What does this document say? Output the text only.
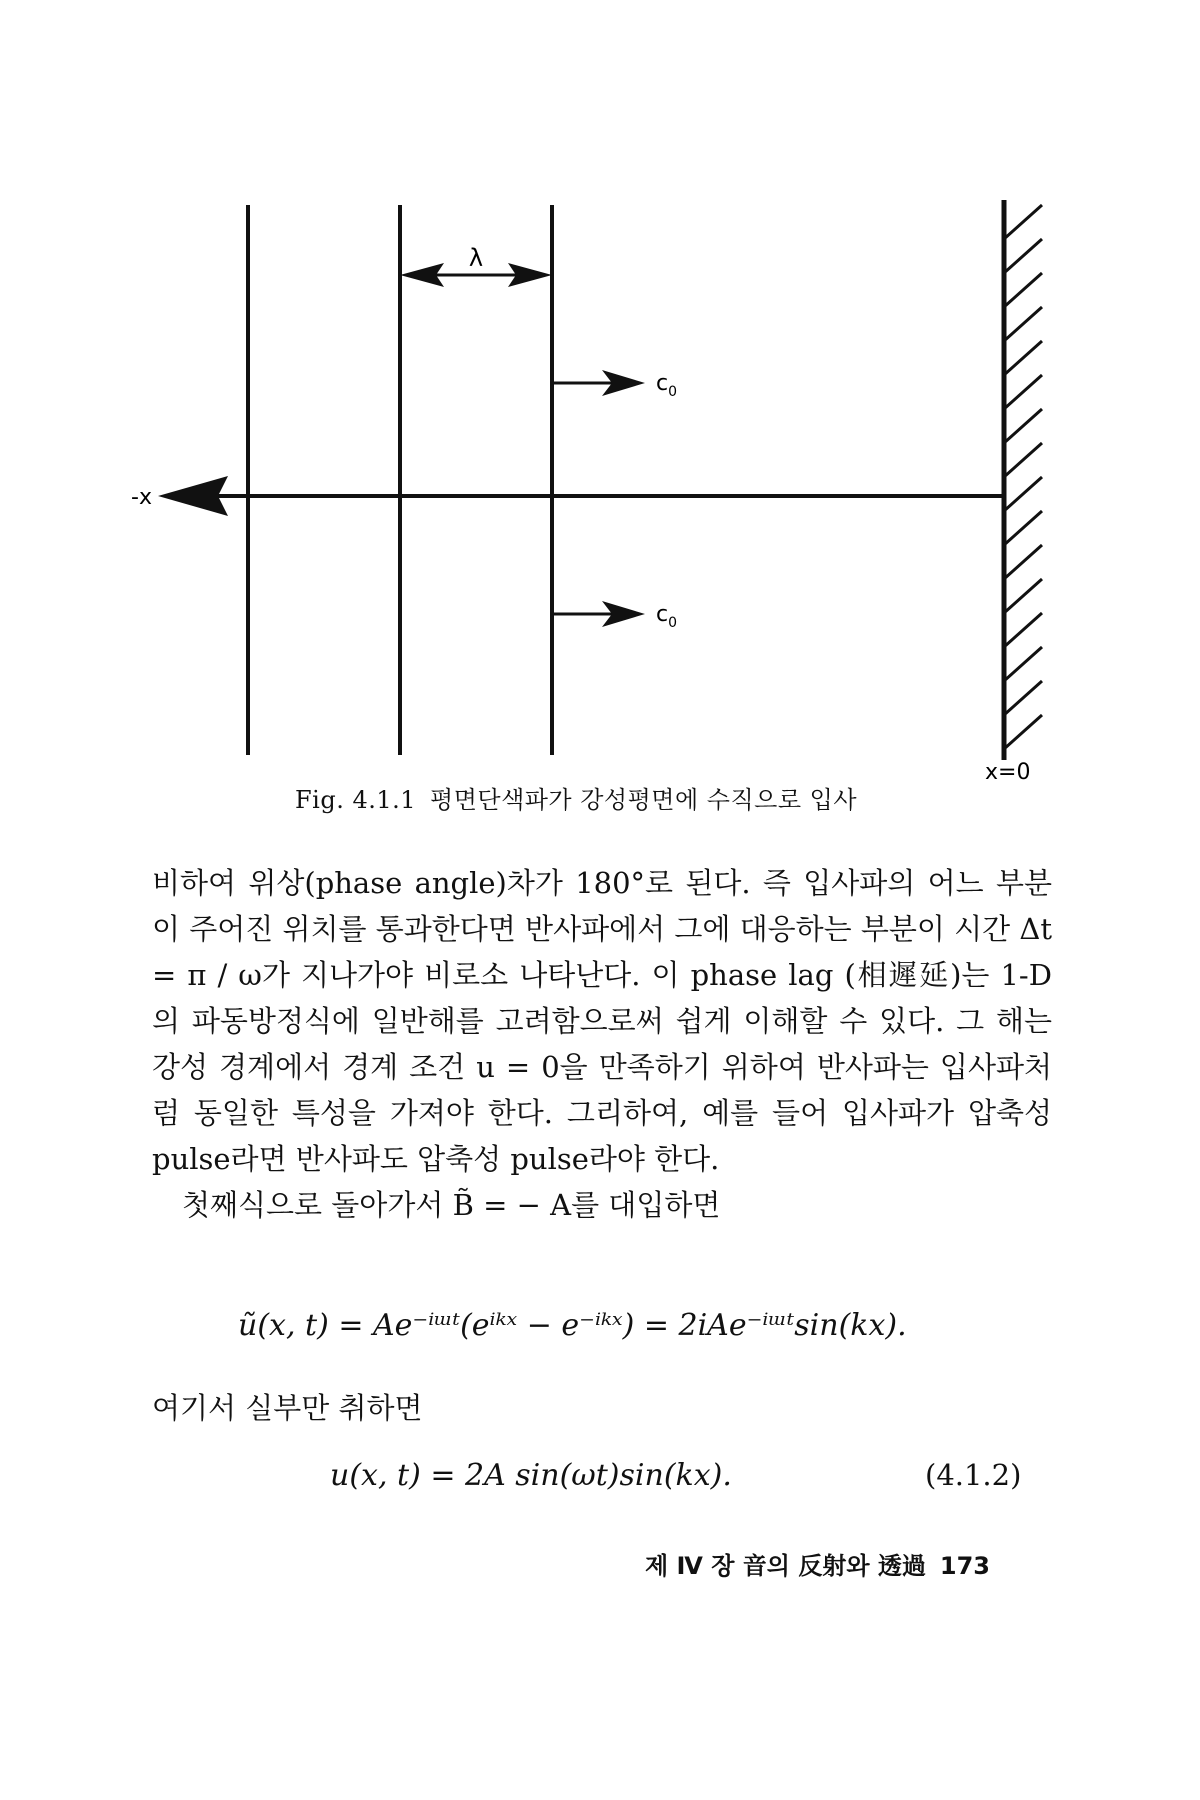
λ
$c_0$
-x
$c_0$
x=0
Fig. 4.1.1 평면단색파가 강성평면에 수직으로 입사

비하여 위상(phase angle)차가 180°로 된다. 즉 입사파의 어느 부분이 주어진 위치를 통과한다면 반사파에서 그에 대응하는 부분이 시간 Δt = π / ω가 지나가야 비로소 나타난다. 이 phase lag (相遲延)는 1-D의 파동방정식에 일반해를 고려함으로써 쉽게 이해할 수 있다. 그 해는 강성 경계에서 경계 조건 u = 0을 만족하기 위하여 반사파는 입사파처럼 동일한 특성을 가져야 한다. 그리하여, 예를 들어 입사파가 압축성 pulse라면 반사파도 압축성 pulse라야 한다.

첫째식으로 돌아가서 B̃ = − A를 대입하면

ũ(x, t) = Ae⁻ⁱᵚᵗ(eⁱᵏˣ − e⁻ⁱᵏˣ) = 2iAe⁻ⁱᵚᵗsin(kx).
여기서 실부만 취하면
u(x, t) = 2A sin(ωt)sin(kx).	(4.1.2)
제 Ⅳ 장 音의 反射와 透過 173
